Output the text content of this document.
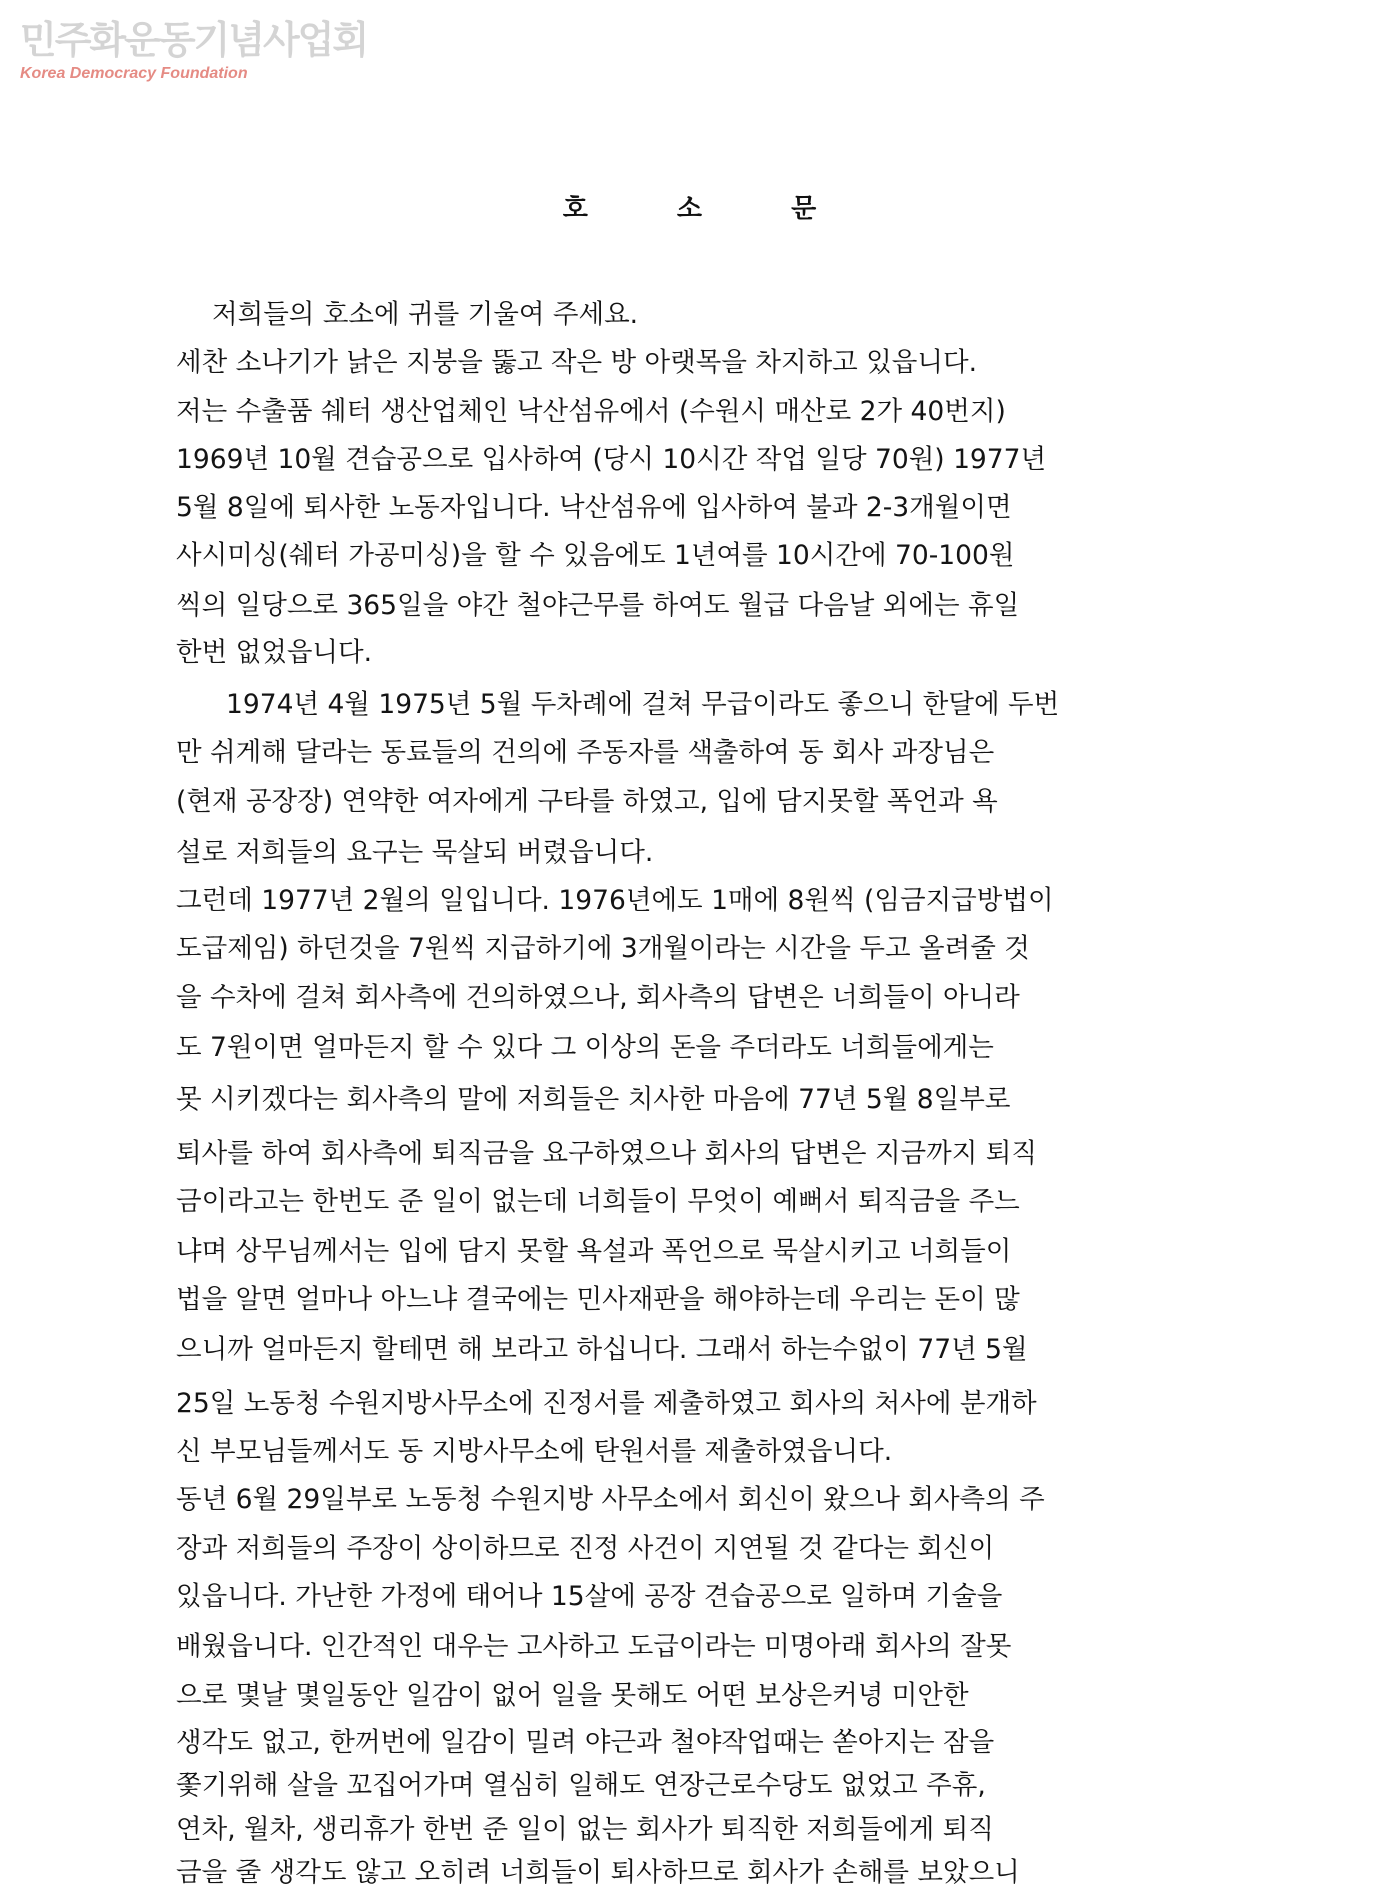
민주화운동기념사업회
Korea Democracy Foundation
호 소 문
저희들의 호소에 귀를 기울여 주세요.
세찬 소나기가 낡은 지붕을 뚫고 작은 방 아랫목을 차지하고 있읍니다.
저는 수출품 쉐터 생산업체인 낙산섬유에서 (수원시 매산로 2가 40번지)
1969년 10월 견습공으로 입사하여 (당시 10시간 작업 일당 70원) 1977년
5월 8일에 퇴사한 노동자입니다. 낙산섬유에 입사하여 불과 2-3개월이면
사시미싱(쉐터 가공미싱)을 할 수 있음에도 1년여를 10시간에 70-100원
씩의 일당으로 365일을 야간 철야근무를 하여도 월급 다음날 외에는 휴일
한번 없었읍니다.
1974년 4월 1975년 5월 두차례에 걸쳐 무급이라도 좋으니 한달에 두번
만 쉬게해 달라는 동료들의 건의에 주동자를 색출하여 동 회사 과장님은
(현재 공장장) 연약한 여자에게 구타를 하였고, 입에 담지못할 폭언과 욕
설로 저희들의 요구는 묵살되 버렸읍니다.
그런데 1977년 2월의 일입니다. 1976년에도 1매에 8원씩 (임금지급방법이
도급제임) 하던것을 7원씩 지급하기에 3개월이라는 시간을 두고 올려줄 것
을 수차에 걸쳐 회사측에 건의하였으나, 회사측의 답변은 너희들이 아니라
도 7원이면 얼마든지 할 수 있다 그 이상의 돈을 주더라도 너희들에게는
못 시키겠다는 회사측의 말에 저희들은 치사한 마음에 77년 5월 8일부로
퇴사를 하여 회사측에 퇴직금을 요구하였으나 회사의 답변은 지금까지 퇴직
금이라고는 한번도 준 일이 없는데 너희들이 무엇이 예뻐서 퇴직금을 주느
냐며 상무님께서는 입에 담지 못할 욕설과 폭언으로 묵살시키고 너희들이
법을 알면 얼마나 아느냐 결국에는 민사재판을 해야하는데 우리는 돈이 많
으니까 얼마든지 할테면 해 보라고 하십니다. 그래서 하는수없이 77년 5월
25일 노동청 수원지방사무소에 진정서를 제출하였고 회사의 처사에 분개하
신 부모님들께서도 동 지방사무소에 탄원서를 제출하였읍니다.
동년 6월 29일부로 노동청 수원지방 사무소에서 회신이 왔으나 회사측의 주
장과 저희들의 주장이 상이하므로 진정 사건이 지연될 것 같다는 회신이
있읍니다. 가난한 가정에 태어나 15살에 공장 견습공으로 일하며 기술을
배웠읍니다. 인간적인 대우는 고사하고 도급이라는 미명아래 회사의 잘못
으로 몇날 몇일동안 일감이 없어 일을 못해도 어떤 보상은커녕 미안한
생각도 없고, 한꺼번에 일감이 밀려 야근과 철야작업때는 쏟아지는 잠을
쫓기위해 살을 꼬집어가며 열심히 일해도 연장근로수당도 없었고 주휴,
연차, 월차, 생리휴가 한번 준 일이 없는 회사가 퇴직한 저희들에게 퇴직
금을 줄 생각도 않고 오히려 너희들이 퇴사하므로 회사가 손해를 보았으니
